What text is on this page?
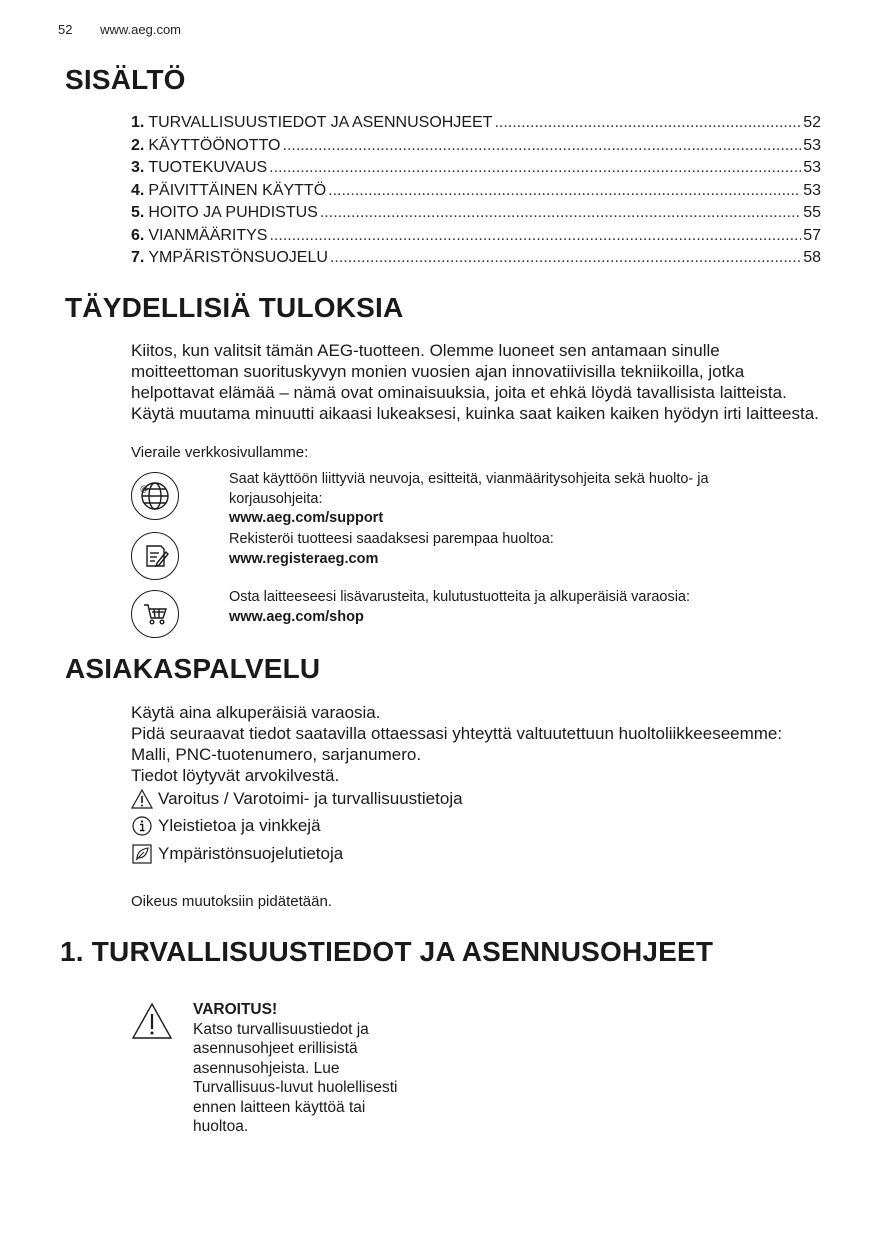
52 www.aeg.com
SISÄLTÖ
1. TURVALLISUUSTIEDOT JA ASENNUSOHJEET .....	52
2. KÄYTTÖÖNOTTO .....	53
3. TUOTEKUVAUS .....	53
4. PÄIVITTÄINEN KÄYTTÖ .....	53
5. HOITO JA PUHDISTUS .....	55
6. VIANMÄÄRITYS .....	57
7. YMPÄRISTÖNSUOJELU .....	58
TÄYDELLISIÄ TULOKSIA

Kiitos, kun valitsit tämän AEG-tuotteen. Olemme luoneet sen antamaan sinulle moitteettoman suorituskyvyn monien vuosien ajan innovatiivisilla tekniikoilla, jotka helpottavat elämää – nämä ovat ominaisuuksia, joita et ehkä löydä tavallisista laitteista. Käytä muutama minuutti aikaasi lukeaksesi, kuinka saat kaiken kaiken hyödyn irti laitteesta.

Vieraile verkkosivullamme:
@
Saat käyttöön liittyviä neuvoja, esitteitä, vianmääritysohjeita sekä huolto- ja korjausohjeita:
www.aeg.com/support
Rekisteröi tuotteesi saadaksesi parempaa huoltoa:
www.registeraeg.com
Osta laitteeseesi lisävarusteita, kulutustuotteita ja alkuperäisiä varaosia:
www.aeg.com/shop
ASIAKASPALVELU

Käytä aina alkuperäisiä varaosia.

Pidä seuraavat tiedot saatavilla ottaessasi yhteyttä valtuutettuun huoltoliikkeeseemme: Malli, PNC-tuotenumero, sarjanumero.

Tiedot löytyvät arvokilvestä.

Varoitus / Varotoimi- ja turvallisuustietoja
Yleistietoa ja vinkkejä
Ympäristönsuojelutietoja
Oikeus muutoksiin pidätetään.
1. TURVALLISUUSTIEDOT JA ASENNUSOHJEET
VAROITUS!
Katso turvallisuustiedot ja asennusohjeet erillisistä asennusohjeista. Lue Turvallisuus-luvut huolellisesti ennen laitteen käyttöä tai huoltoa.
